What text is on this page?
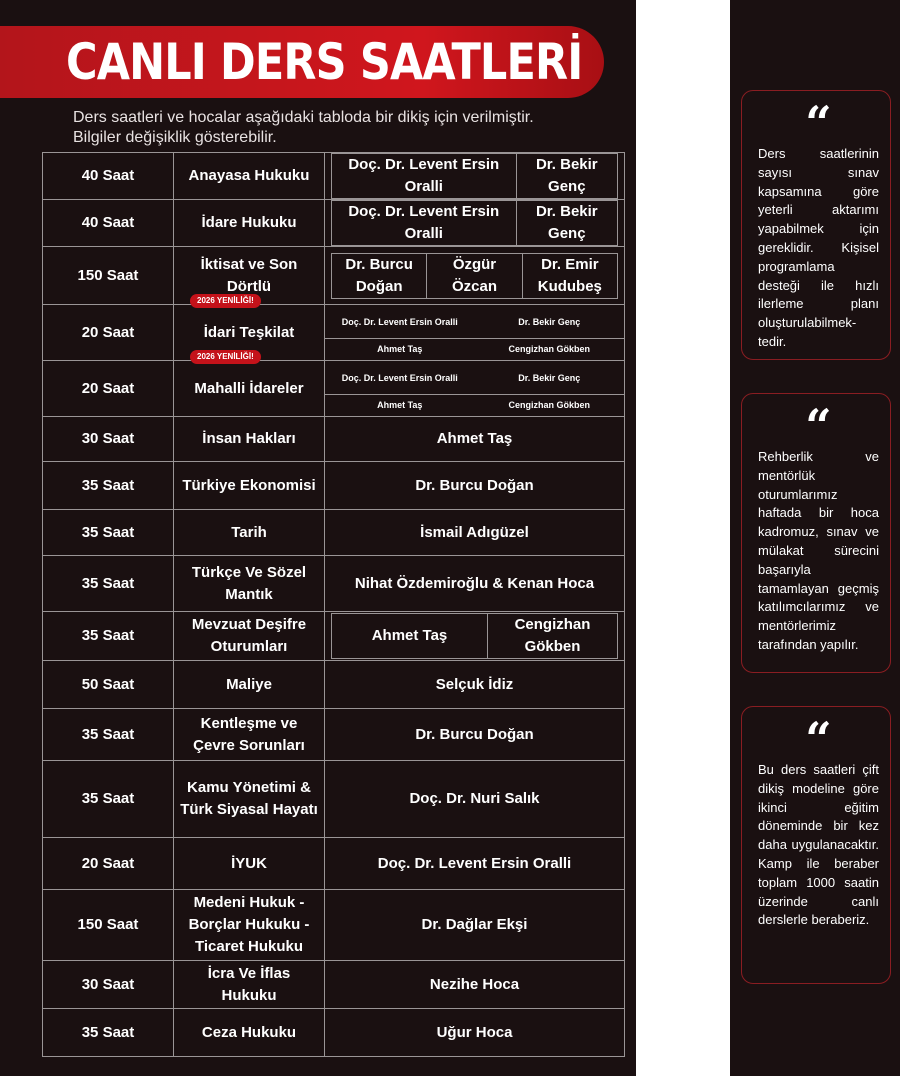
CANLI DERS SAATLERİ
Ders saatleri ve hocalar aşağıdaki tabloda bir dikiş için verilmiştir. Bilgiler değişiklik gösterebilir.
40 Saat	Anayasa Hukuku	
Doç. Dr. Levent Ersin Oralli	Dr. Bekir Genç

40 Saat	İdare Hukuku	
Doç. Dr. Levent Ersin Oralli	Dr. Bekir Genç

150 Saat	İktisat ve Son Dörtlü	
Dr. Burcu Doğan	Özgür Özcan	Dr. Emir Kudubeş

20 Saat	
2026 YENİLİĞİ!
İdari Teşkilat	
Doç. Dr. Levent Ersin Oralli	Dr. Bekir Genç
Ahmet Taş	Cengizhan Gökben

20 Saat	
2026 YENİLİĞİ!
Mahalli İdareler	
Doç. Dr. Levent Ersin Oralli	Dr. Bekir Genç
Ahmet Taş	Cengizhan Gökben

30 Saat	İnsan Hakları	Ahmet Taş
35 Saat	Türkiye Ekonomisi	Dr. Burcu Doğan
35 Saat	Tarih	İsmail Adıgüzel
35 Saat	Türkçe Ve Sözel Mantık	Nihat Özdemiroğlu & Kenan Hoca
35 Saat	Mevzuat Deşifre Oturumları	
Ahmet Taş	Cengizhan Gökben

50 Saat	Maliye	Selçuk İdiz
35 Saat	Kentleşme ve Çevre Sorunları	Dr. Burcu Doğan
35 Saat	Kamu Yönetimi & Türk Siyasal Hayatı	Doç. Dr. Nuri Salık
20 Saat	İYUK	Doç. Dr. Levent Ersin Oralli
150 Saat	Medeni Hukuk - Borçlar Hukuku - Ticaret Hukuku	Dr. Dağlar Ekşi
30 Saat	İcra Ve İflas Hukuku	Nezihe Hoca
35 Saat	Ceza Hukuku	Uğur Hoca
“
Ders saatlerinin sayısı sınav kapsamına göre yeterli aktarımı yapabilmek için gereklidir. Kişisel programlama desteği ile hızlı ilerleme planı oluşturulabilmek-tedir.
“
Rehberlik ve mentörlük oturumlarımız haftada bir hoca kadromuz, sınav ve mülakat sürecini başarıyla tamamlayan geçmiş katılımcılarımız ve mentörlerimiz tarafından yapılır.
“
Bu ders saatleri çift dikiş modeline göre ikinci eğitim döneminde bir kez daha uygulanacaktır. Kamp ile beraber toplam 1000 saatin üzerinde canlı derslerle beraberiz.
